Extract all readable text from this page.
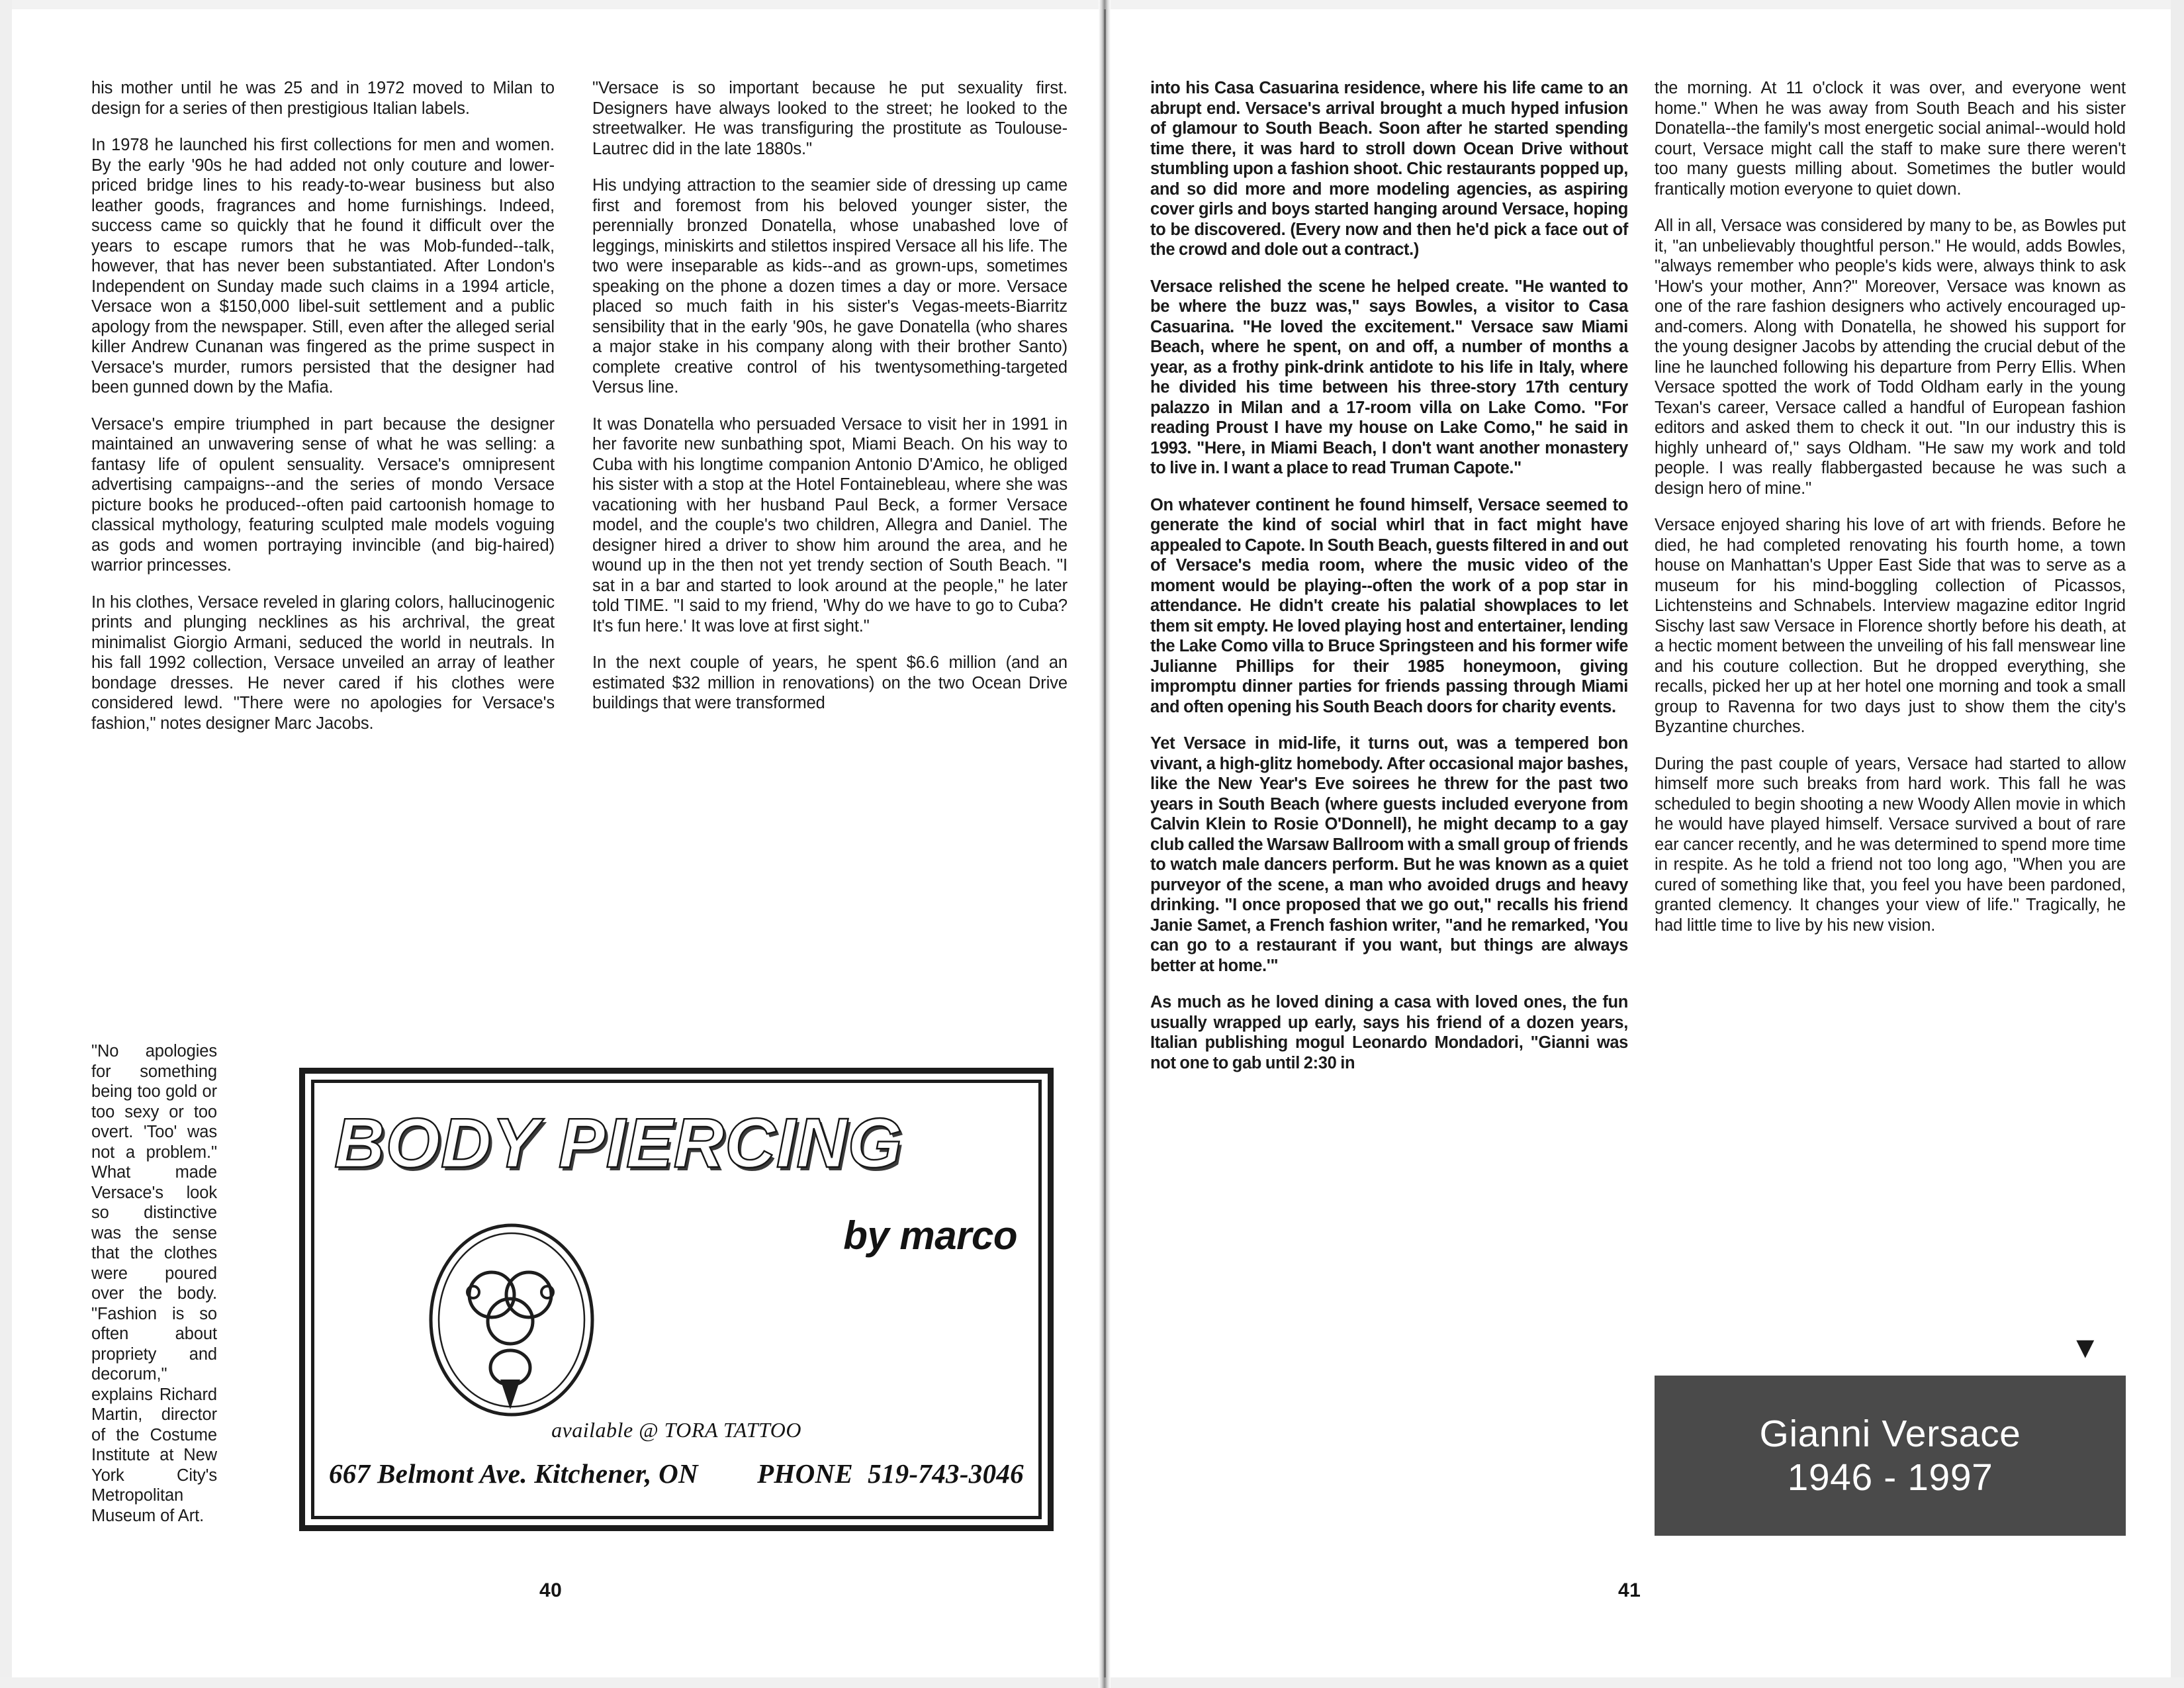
his mother until he was 25 and in 1972 moved to Milan to design for a series of then prestigious Italian labels.

In 1978 he launched his first collections for men and women. By the early '90s he had added not only couture and lower-priced bridge lines to his ready-to-wear business but also leather goods, fragrances and home furnishings. Indeed, success came so quickly that he found it difficult over the years to escape rumors that he was Mob-funded--talk, however, that has never been substantiated. After London's Independent on Sunday made such claims in a 1994 article, Versace won a $150,000 libel-suit settlement and a public apology from the newspaper. Still, even after the alleged serial killer Andrew Cunanan was fingered as the prime suspect in Versace's murder, rumors persisted that the designer had been gunned down by the Mafia.

Versace's empire triumphed in part because the designer maintained an unwavering sense of what he was selling: a fantasy life of opulent sensuality. Versace's omnipresent advertising campaigns--and the series of mondo Versace picture books he produced--often paid cartoonish homage to classical mythology, featuring sculpted male models voguing as gods and women portraying invincible (and big-haired) warrior princesses.

In his clothes, Versace reveled in glaring colors, hallucinogenic prints and plunging necklines as his archrival, the great minimalist Giorgio Armani, seduced the world in neutrals. In his fall 1992 collection, Versace unveiled an array of leather bondage dresses. He never cared if his clothes were considered lewd. "There were no apologies for Versace's fashion," notes designer Marc Jacobs.

"No apologies for something being too gold or too sexy or too overt. 'Too' was not a problem." What made Versace's look so distinctive was the sense that the clothes were poured over the body. "Fashion is so often about propriety and decorum," explains Richard Martin, director of the Costume Institute at New York City's Metropolitan Museum of Art.

"Versace is so important because he put sexuality first. Designers have always looked to the street; he looked to the streetwalker. He was transfiguring the prostitute as Toulouse-Lautrec did in the late 1880s."

His undying attraction to the seamier side of dressing up came first and foremost from his beloved younger sister, the perennially bronzed Donatella, whose unabashed love of leggings, miniskirts and stilettos inspired Versace all his life. The two were inseparable as kids--and as grown-ups, sometimes speaking on the phone a dozen times a day or more. Versace placed so much faith in his sister's Vegas-meets-Biarritz sensibility that in the early '90s, he gave Donatella (who shares a major stake in his company along with their brother Santo) complete creative control of his twentysomething-targeted Versus line.

It was Donatella who persuaded Versace to visit her in 1991 in her favorite new sunbathing spot, Miami Beach. On his way to Cuba with his longtime companion Antonio D'Amico, he obliged his sister with a stop at the Hotel Fontainebleau, where she was vacationing with her husband Paul Beck, a former Versace model, and the couple's two children, Allegra and Daniel. The designer hired a driver to show him around the area, and he wound up in the then not yet trendy section of South Beach. "I sat in a bar and started to look around at the people," he later told TIME. "I said to my friend, 'Why do we have to go to Cuba? It's fun here.' It was love at first sight."

In the next couple of years, he spent $6.6 million (and an estimated $32 million in renovations) on the two Ocean Drive buildings that were transformed

BODY PIERCING
by marco
available @ TORA TATTOO
667 Belmont Ave. Kitchener, ON PHONE 519-743-3046
40

into his Casa Casuarina residence, where his life came to an abrupt end. Versace's arrival brought a much hyped infusion of glamour to South Beach. Soon after he started spending time there, it was hard to stroll down Ocean Drive without stumbling upon a fashion shoot. Chic restaurants popped up, and so did more and more modeling agencies, as aspiring cover girls and boys started hanging around Versace, hoping to be discovered. (Every now and then he'd pick a face out of the crowd and dole out a contract.)

Versace relished the scene he helped create. "He wanted to be where the buzz was," says Bowles, a visitor to Casa Casuarina. "He loved the excitement." Versace saw Miami Beach, where he spent, on and off, a number of months a year, as a frothy pink-drink antidote to his life in Italy, where he divided his time between his three-story 17th century palazzo in Milan and a 17-room villa on Lake Como. "For reading Proust I have my house on Lake Como," he said in 1993. "Here, in Miami Beach, I don't want another monastery to live in. I want a place to read Truman Capote."

On whatever continent he found himself, Versace seemed to generate the kind of social whirl that in fact might have appealed to Capote. In South Beach, guests filtered in and out of Versace's media room, where the music video of the moment would be playing--often the work of a pop star in attendance. He didn't create his palatial showplaces to let them sit empty. He loved playing host and entertainer, lending the Lake Como villa to Bruce Springsteen and his former wife Julianne Phillips for their 1985 honeymoon, giving impromptu dinner parties for friends passing through Miami and often opening his South Beach doors for charity events.

Yet Versace in mid-life, it turns out, was a tempered bon vivant, a high-glitz homebody. After occasional major bashes, like the New Year's Eve soirees he threw for the past two years in South Beach (where guests included everyone from Calvin Klein to Rosie O'Donnell), he might decamp to a gay club called the Warsaw Ballroom with a small group of friends to watch male dancers perform. But he was known as a quiet purveyor of the scene, a man who avoided drugs and heavy drinking. "I once proposed that we go out," recalls his friend Janie Samet, a French fashion writer, "and he remarked, 'You can go to a restaurant if you want, but things are always better at home.'"

As much as he loved dining a casa with loved ones, the fun usually wrapped up early, says his friend of a dozen years, Italian publishing mogul Leonardo Mondadori, "Gianni was not one to gab until 2:30 in

the morning. At 11 o'clock it was over, and everyone went home." When he was away from South Beach and his sister Donatella--the family's most energetic social animal--would hold court, Versace might call the staff to make sure there weren't too many guests milling about. Sometimes the butler would frantically motion everyone to quiet down.

All in all, Versace was considered by many to be, as Bowles put it, "an unbelievably thoughtful person." He would, adds Bowles, "always remember who people's kids were, always think to ask 'How's your mother, Ann?" Moreover, Versace was known as one of the rare fashion designers who actively encouraged up-and-comers. Along with Donatella, he showed his support for the young designer Jacobs by attending the crucial debut of the line he launched following his departure from Perry Ellis. When Versace spotted the work of Todd Oldham early in the young Texan's career, Versace called a handful of European fashion editors and asked them to check it out. "In our industry this is highly unheard of," says Oldham. "He saw my work and told people. I was really flabbergasted because he was such a design hero of mine."

Versace enjoyed sharing his love of art with friends. Before he died, he had completed renovating his fourth home, a town house on Manhattan's Upper East Side that was to serve as a museum for his mind-boggling collection of Picassos, Lichtensteins and Schnabels. Interview magazine editor Ingrid Sischy last saw Versace in Florence shortly before his death, at a hectic moment between the unveiling of his fall menswear line and his couture collection. But he dropped everything, she recalls, picked her up at her hotel one morning and took a small group to Ravenna for two days just to show them the city's Byzantine churches.

During the past couple of years, Versace had started to allow himself more such breaks from hard work. This fall he was scheduled to begin shooting a new Woody Allen movie in which he would have played himself. Versace survived a bout of rare ear cancer recently, and he was determined to spend more time in respite. As he told a friend not too long ago, "When you are cured of something like that, you feel you have been pardoned, granted clemency. It changes your view of life." Tragically, he had little time to live by his new vision.

▼
Gianni Versace
1946 - 1997
41
